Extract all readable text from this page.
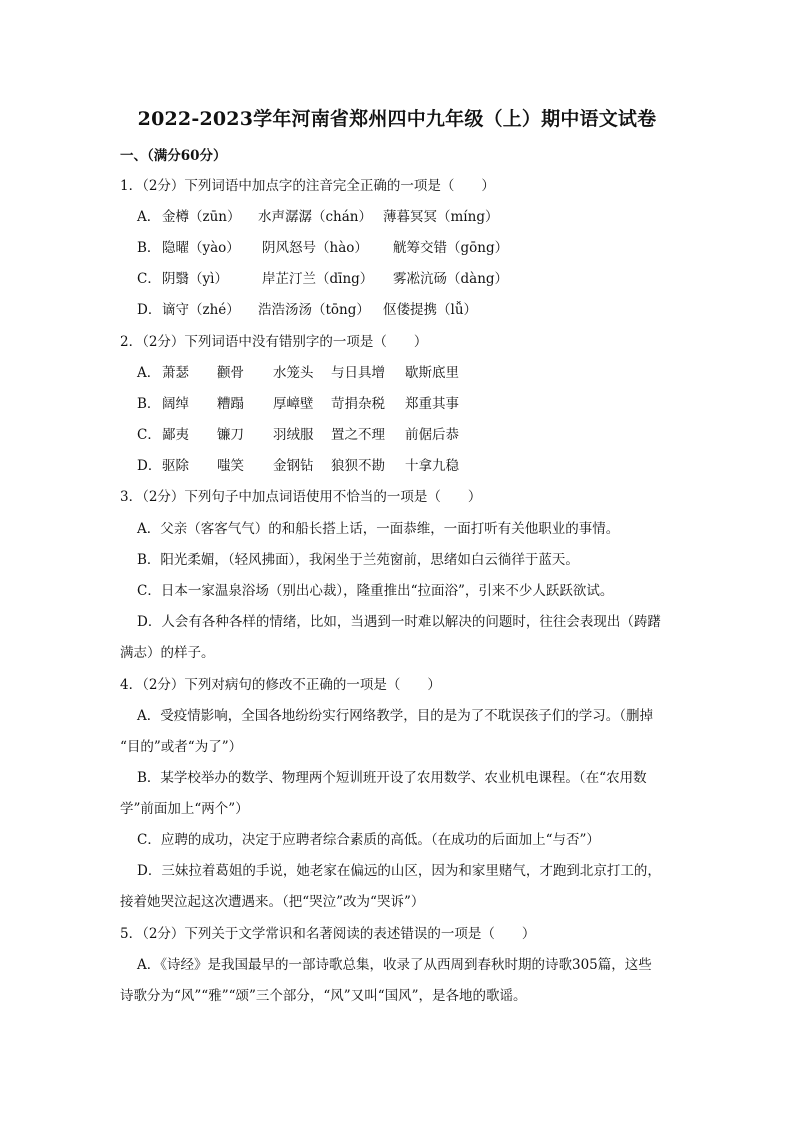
2022-2023学年河南省郑州四中九年级（上）期中语文试卷
一、（满分60分）
1．（2分）下列词语中加点字的注音完全正确的一项是（　　）
A． 金樽（zūn）	水声潺潺（chán） 薄暮冥冥（míng）
B． 隐曜（yào）	阴风怒号（hào）	觥筹交错（gōng）
C． 阴翳（yì）	岸芷汀兰（dīng）	雾凇沆砀（dàng）
D． 谪守（zhé）	浩浩汤汤（tōng） 伛偻提携（lǚ）
2．（2分）下列词语中没有错别字的一项是（　　）
A． 萧瑟	颧骨	水笼头	与日具增	歇斯底里
B． 阔绰	糟蹋	厚嶂壁	苛捐杂税	郑重其事
C． 鄙夷	镰刀	羽绒服	置之不理	前倨后恭
D． 驱除	嗤笑	金钢钻	狼狈不勘	十拿九稳
3．（2分）下列句子中加点词语使用不恰当的一项是（　　）
A．父亲（客客气气）的和船长搭上话，一面恭维，一面打听有关他职业的事情。
B．阳光柔媚，（轻风拂面），我闲坐于兰苑窗前，思绪如白云徜徉于蓝天。
C．日本一家温泉浴场（别出心裁），隆重推出“拉面浴”，引来不少人跃跃欲试。
D．人会有各种各样的情绪，比如，当遇到一时难以解决的问题时，往往会表现出（踌躇
满志）的样子。
4．（2分）下列对病句的修改不正确的一项是（　　）
A．受疫情影响，全国各地纷纷实行网络教学，目的是为了不耽误孩子们的学习。（删掉
“目的”或者“为了”）
B．某学校举办的数学、物理两个短训班开设了农用数学、农业机电课程。（在“农用数
学”前面加上“两个”）
C．应聘的成功，决定于应聘者综合素质的高低。（在成功的后面加上“与否”）
D．三妹拉着葛姐的手说，她老家在偏远的山区，因为和家里赌气，才跑到北京打工的，
接着她哭泣起这次遭遇来。（把“哭泣”改为“哭诉”）
5．（2分）下列关于文学常识和名著阅读的表述错误的一项是（　　）
A．《诗经》是我国最早的一部诗歌总集，收录了从西周到春秋时期的诗歌305篇，这些
诗歌分为“风”“雅”“颂”三个部分，“风”又叫“国风”，是各地的歌谣。
